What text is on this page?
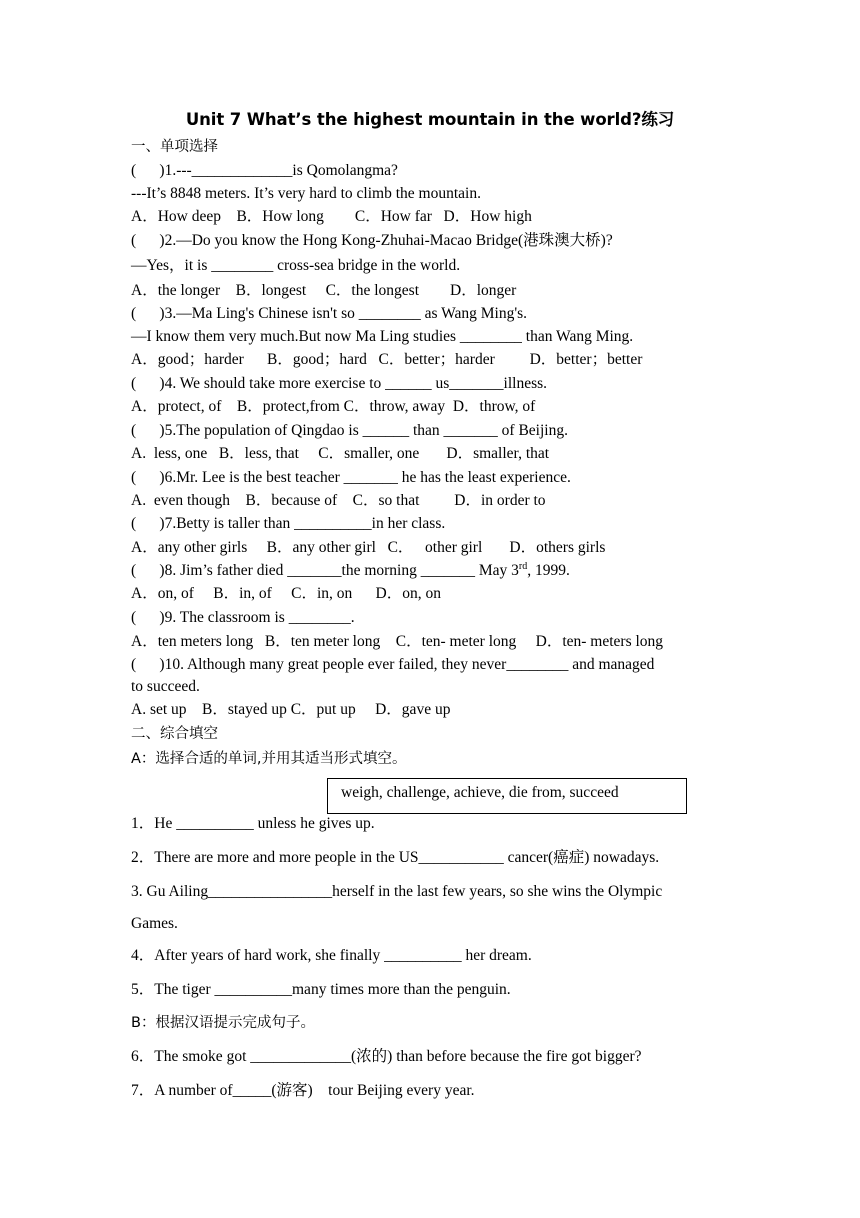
Unit 7 What’s the highest mountain in the world?练习
一、单项选择
(      )1.---_____________is Qomolangma?
---It’s 8848 meters. It’s very hard to climb the mountain.
A．How deep    B．How long        C．How far   D．How high
(      )2.—Do you know the Hong Kong-Zhuhai-Macao Bridge(港珠澳大桥)?
—Yes，it is ________ cross-sea bridge in the world.
A．the longer    B．longest     C．the longest        D．longer
(      )3.—Ma Ling's Chinese isn't so ________ as Wang Ming's.
—I know them very much.But now Ma Ling studies ________ than Wang Ming.
A．good；harder      B．good；hard   C．better；harder         D．better；better
(      )4. We should take more exercise to ______ us_______illness.
A．protect, of    B．protect,from C．throw, away  D．throw, of
(      )5.The population of Qingdao is ______ than _______ of Beijing.
A.  less, one   B．less, that     C．smaller, one       D．smaller, that
(      )6.Mr. Lee is the best teacher _______ he has the least experience.
A.  even though    B．because of    C．so that         D．in order to
(      )7.Betty is taller than __________in her class.
A．any other girls     B．any other girl   C．   other girl       D．others girls
(      )8. Jim’s father died _______the morning _______ May 3rd, 1999.
A．on, of     B．in, of     C．in, on      D．on, on
(      )9. The classroom is ________.
A．ten meters long   B．ten meter long    C．ten- meter long     D．ten- meters long
(      )10. Although many great people ever failed, they never________ and managed
to succeed.
A. set up    B．stayed up C．put up     D．gave up
二、综合填空
A：选择合适的单词,并用其适当形式填空。
weigh, challenge, achieve, die from, succeed
1．He __________ unless he gives up.
2．There are more and more people in the US___________ cancer(癌症) nowadays.
3. Gu Ailing________________herself in the last few years, so she wins the Olympic
Games.
4．After years of hard work, she finally __________ her dream.
5．The tiger __________many times more than the penguin.
B：根据汉语提示完成句子。
6．The smoke got _____________(浓的) than before because the fire got bigger?
7．A number of_____(游客)    tour Beijing every year.
